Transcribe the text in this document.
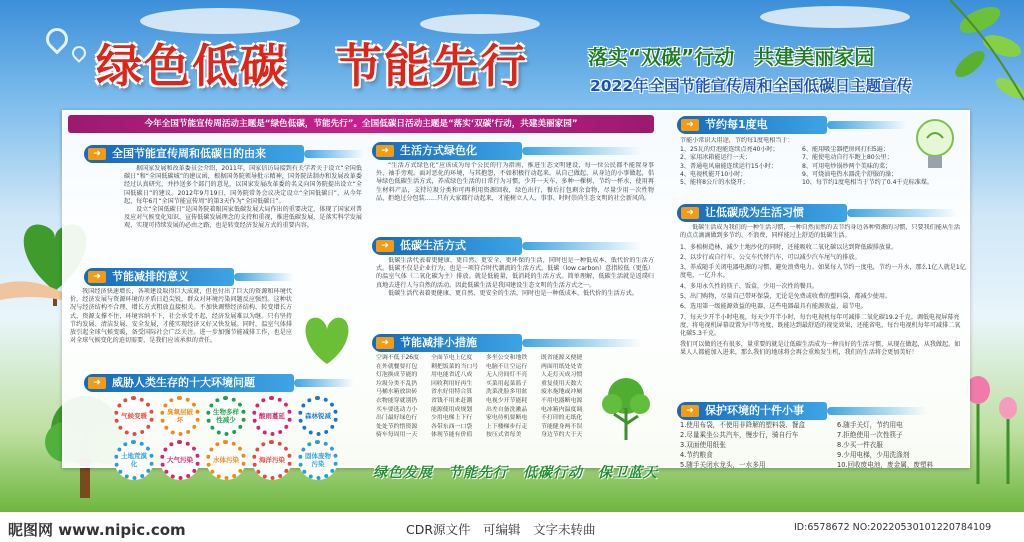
绿色低碳　节能先行	落实“双碳”行动　共建美丽家园
2022年全国节能宣传周和全国低碳日主题宣传
今年全国节能宣传周活动主题是“绿色低碳，节能先行”。全国低碳日活动主题是“落实‘双碳’行动，共建美丽家园”
➜	全国节能宣传周和低碳日的由来

据国家发展和改革委员会介绍，2011年，国家信访局接到有关学者关于设立“全国低碳日”和“全国低碳城”的建议函，根据国务院领导批示精神，国务院法制办和发展改革委经过认真研究，并抄送多个部门的意见，以国家发展改革委的名义向国务院提出设立“全国低碳日”的建议。2012年9月19日，国务院常务会议决定设立“全国低碳日”，从今年起，每年6月“全国节能宣传周”的第3天作为“全国低碳日”。

设立“全国低碳日”是国务院着眼国家低碳发展大局作出的重要决定，体现了国家对普及应对气候变化知识、宣传低碳发展理念的支持和重视，推进低碳发展，是落实科学发展观、实现可持续发展的必由之路，也是转变经济发展方式的重要内容。

➜	节能减排的意义

我国经济快速增长，各项建设取得巨大成就，但也付出了巨大的资源和环境代价，经济发展与资源环境的矛盾日趋尖锐，群众对环境污染问题反应强烈。这种状况与经济结构不合理、增长方式粗放直接相关。不加快调整经济结构、转变增长方式，资源支撑不住，环境容纳不下，社会承受不起，经济发展难以为继。只有坚持节约发展、清洁发展、安全发展，才能实现经济又好又快发展。同时，温室气体排放引起全球气候变暖，备受国际社会广泛关注。进一步加强节能减排工作，也是应对全球气候变化的迫切需要，是我们应该承担的责任。

➜	威胁人类生存的十大环境问题
气候变暖	臭氧层破坏
生物多样性减少	酸雨蔓延	森林锐减
土地荒漠化	大气污染	水体污染	海洋污染	固体废物污染
➜	生活方式绿色化

“生活方式绿色化”应该成为每个公民的行为指南，推进生态文明建设，每一位公民都不能置身事外、袖手旁观。面对恶化的环境，与其抱怨，不如积极行动起来，从自己做起、从身边的小事做起，倡导绿色低碳生活方式，养成绿色生活的日常行为习惯，少开一天车，多种一棵树，节约一杯水，使用再生材料产品，支持垃圾分类和可再利用资源回收，绿色出行，餐后打包剩余食物，尽量少用一次性物品，拒绝过分包装……只有大家都行动起来，才能树立人人、事事、时时崇尚生态文明的社会新风尚。

➜	低碳生活方式

低碳生活代表着更健康、更自然、更安全、更环保的生活，同时也是一种低成本、低代价的生活方式。低碳不仅是企业行为，也是一项符合时代潮流的生活方式。低碳（low carbon）意指较低（更低）的温室气体（二氧化碳为主）排放。就是低能量，低消耗的生活方式。简单理解，低碳生活就是返璞归真地去进行人与自然的活动。因此低碳生活是我国建设生态文明的生活方式之一。

低碳生活代表着更健康、更自然、更安全的生活，同时也是一种低成本、低代价的生活方式。

➜	节能减排小措施
空调不低于26度	全面节电上亿度	多坐公交和地铁	既省能源又便捷
在外就餐要打包	剩把饭菜的当口号	电脑不让空运行	两面用纸处处省
灯泡换成节能的	用电能省近八成	无人房间灯不亮	人走灯灭成习惯
垃圾分类不乱扔	回收利用好再生	买菜用起菜篮子	重复使用天数大
马桶水箱放块砖	省水好用特合算	洗菜洗脸多用盆	废水拖地或冲厕
衣物能穿就别扔	省钱不用来赶潮	电视少开节能耗	不用电器断电源
买车要选动力小	能源使用成规划	出差自备洗漱品	电冰箱内温度调
出门最好绿色行	少用电梯上下行	家电待机要断电	不打印的无纸化
处处节约惜资源	各带东西一口袋	上下楼梯步行走	节能健身两不误
骑车每周用一天	体现节能有价值	按压式省每美	身边节约大于天
➜	节约每1度电
节能小常识大用途，节约每1度电相当于：
1、25瓦的灯泡能连续点亮40小时；
2、家用冰箱能运行一天；
3、普通电风扇能连续运行15小时；
4、电视机能开10小时；
5、能将8公斤的水烧开；
6、能用吸尘器把房间打扫5遍；
7、能使电动自行车跑上80公里；
8、可用电炒锅炒两个美味的菜；
9、可烧油电热水器洗个舒服的澡；
10、每节约1度电相当于节约了0.4千克标准煤。
➜	让低碳成为生活习惯
低碳生活成为我们的一种生活习惯，一种自然而然的去节约身边各种资源的习惯，只要我们能从生活的点点滴滴做到多节约、不浪费，同样能过上舒适的低碳生活。
1、多植树造林，减少土地沙化的同时，还能吸收二氧化碳以达到降低碳排放量。
2、以步行或自行车、公交车代替汽车，可以减少汽车尾气的排放。
3、养成随手关闭电器电源的习惯，避免浪费电力。如果每人节约一度电，节约一升水，那么1亿人就是1亿度电，一亿升水。
4、多用永久性的筷子、饭盒，少用一次性的餐具。
5、出门购物，尽量自己带环保袋，无论是免费或收费的塑料袋，都减少使用。
6、选用第一级能源效益的电器，这些电器最具有能源效益，最节电。
7、每天少开半小时电视，每天少开半小时，每台电视机每年可减排二氧化碳19.2千克。调低电视屏幕亮度，将电视机屏幕设置为中等亮度，既能达到最舒适的视觉效果，还能省电，每台电视机每年可减排二氧化碳5.3千克。
我们可以做的还有很多，量重要的就是让低碳生活成为一种良好的生活习惯，从现在做起，从我做起。如果人人都能加入进来，那么我们的地球将会再会重焕发生机，我们的生活将会更加美好！
➜	保护环境的十件小事
1.使用布袋，不使用非降解的塑料袋、餐盒
2.尽量乘坐公共汽车，慢步行，骑自行车
3.双面使用纸张
4.节约粮食
5.随手关闭水龙头，一水多用
6.随手关灯，节约用电
7.拒绝使用一次性筷子
8.少买一件衣服
9.少用电梯，少用洗涤剂
10.回收废电池，废金属，废塑料
绿色发展　节能先行　低碳行动　保卫蓝天
昵图网 www.nipic.com	CDR源文件　可编辑　文字未转曲	ID:6578672 NO:20220530101220784109
